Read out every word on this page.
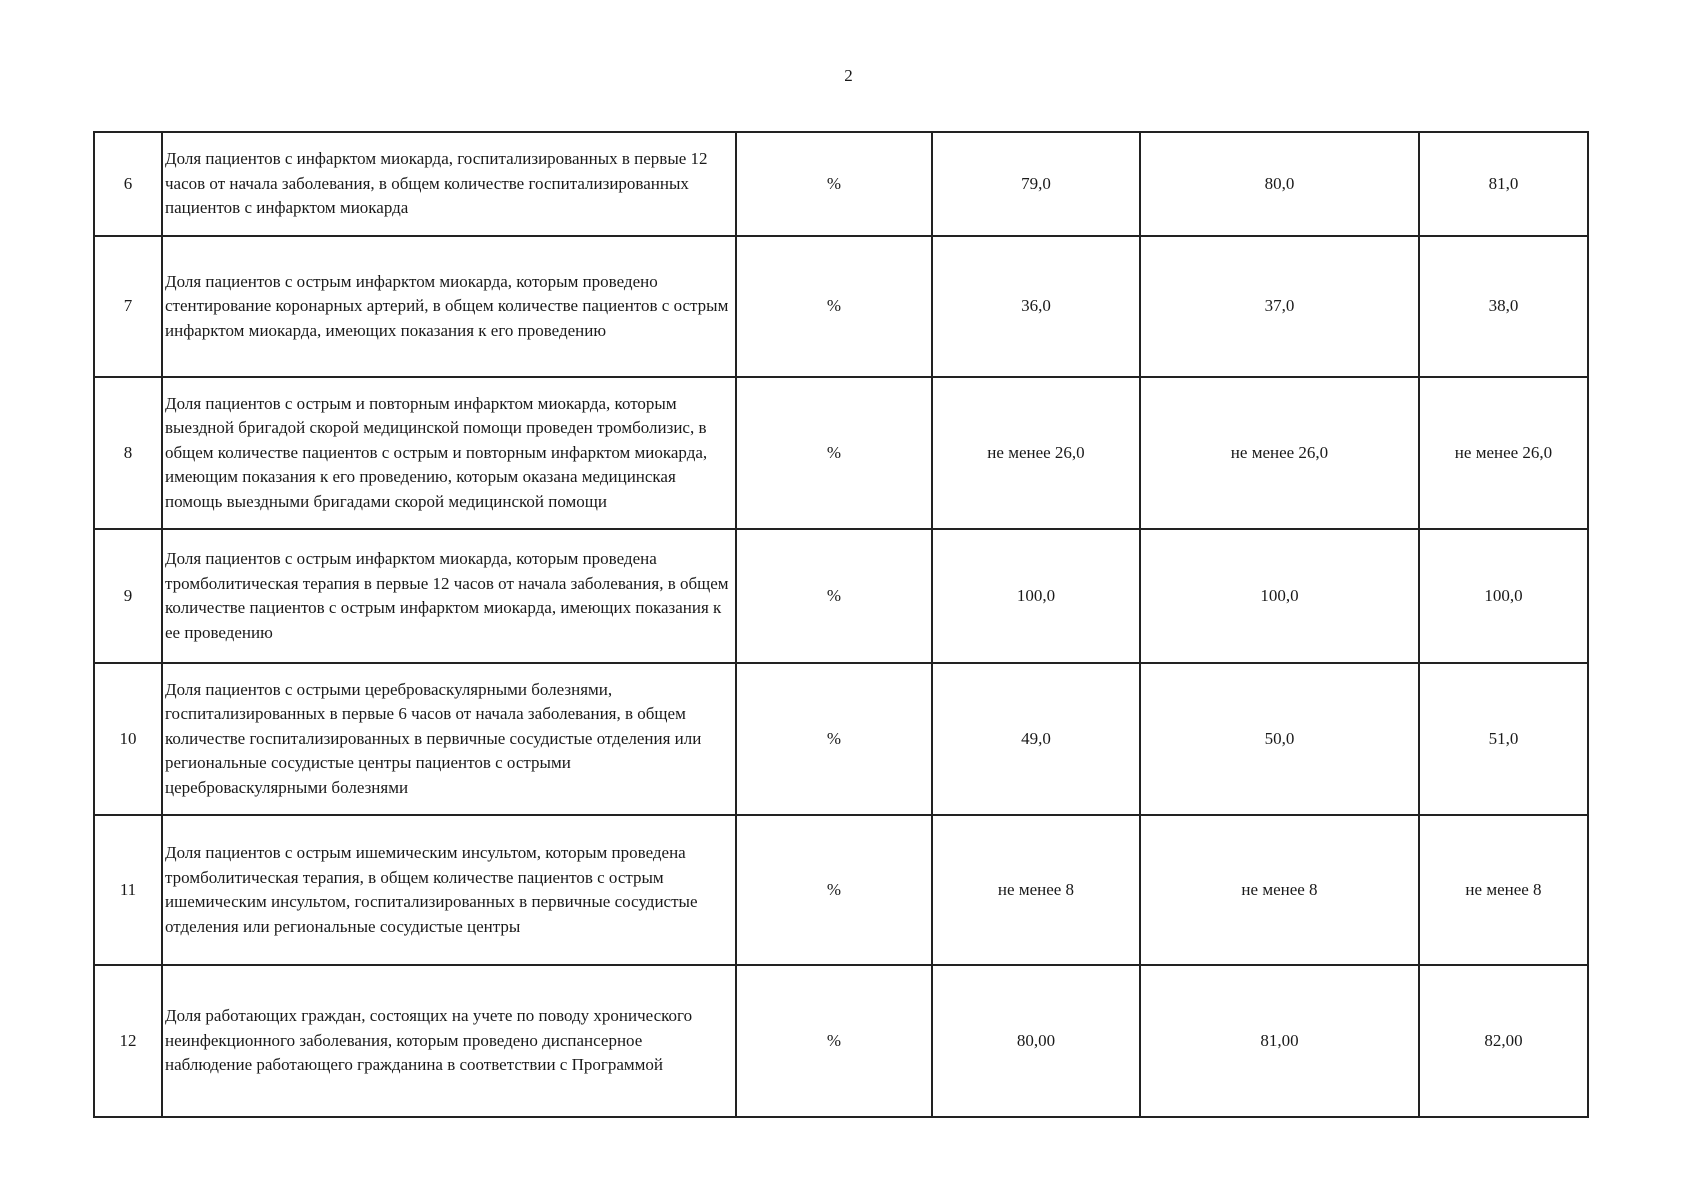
2
6	Доля пациентов с инфарктом миокарда, госпитализированных в первые 12 часов от начала заболевания, в общем количестве госпитализированных пациентов с инфарктом миокарда	%	79,0	80,0	81,0
7	Доля пациентов с острым инфарктом миокарда, которым проведено стентирование коронарных артерий, в общем количестве пациентов с острым инфарктом миокарда, имеющих показания к его проведению	%	36,0	37,0	38,0
8	Доля пациентов с острым и повторным инфарктом миокарда, которым выездной бригадой скорой медицинской помощи проведен тромболизис, в общем количестве пациентов с острым и повторным инфарктом миокарда, имеющим показания к его проведению, которым оказана медицинская помощь выездными бригадами скорой медицинской помощи	%	не менее 26,0	не менее 26,0	не менее 26,0
9	Доля пациентов с острым инфарктом миокарда, которым проведена тромболитическая терапия в первые 12 часов от начала заболевания, в общем количестве пациентов с острым инфарктом миокарда, имеющих показания к ее проведению	%	100,0	100,0	100,0
10	Доля пациентов с острыми цереброваскулярными болезнями, госпитализированных в первые 6 часов от начала заболевания, в общем количестве госпитализированных в первичные сосудистые отделения или региональные сосудистые центры пациентов с острыми цереброваскулярными болезнями	%	49,0	50,0	51,0
11	Доля пациентов с острым ишемическим инсультом, которым проведена тромболитическая терапия, в общем количестве пациентов с острым ишемическим инсультом, госпитализированных в первичные сосудистые отделения или региональные сосудистые центры	%	не менее 8	не менее 8	не менее 8
12	Доля работающих граждан, состоящих на учете по поводу хронического неинфекционного заболевания, которым проведено диспансерное наблюдение работающего гражданина в соответствии с Программой	%	80,00	81,00	82,00
